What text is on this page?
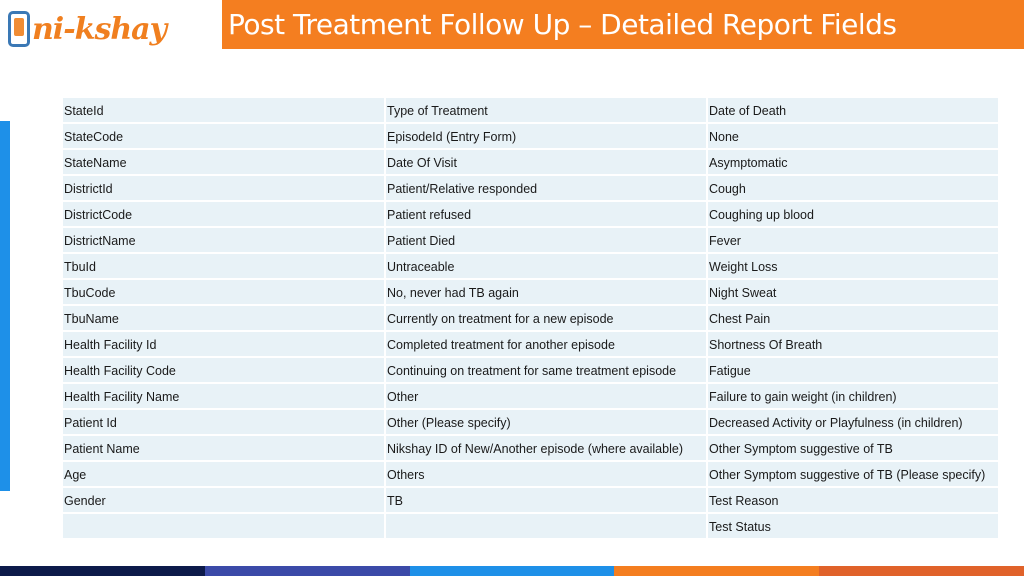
ni-kshay Post Treatment Follow Up – Detailed Report Fields
StateId	Type of Treatment	Date of Death
StateCode	EpisodeId (Entry Form)	None
StateName	Date Of Visit	Asymptomatic
DistrictId	Patient/Relative responded	Cough
DistrictCode	Patient refused	Coughing up blood
DistrictName	Patient Died	Fever
TbuId	Untraceable	Weight Loss
TbuCode	No, never had TB again	Night Sweat
TbuName	Currently on treatment for a new episode	Chest Pain
Health Facility Id	Completed treatment for another episode	Shortness Of Breath
Health Facility Code	Continuing on treatment for same treatment episode	Fatigue
Health Facility Name	Other	Failure to gain weight (in children)
Patient Id	Other (Please specify)	Decreased Activity or Playfulness (in children)
Patient Name	Nikshay ID of New/Another episode (where available)	Other Symptom suggestive of TB
Age	Others	Other Symptom suggestive of TB (Please specify)
Gender	TB	Test Reason
		Test Status
